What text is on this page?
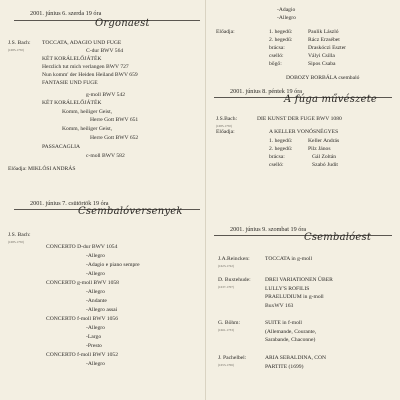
2001. június 6. szerda 19 óra
Orgonaest
J.S. Bach:
(1685-1750)
TOCCATA, ADAGIO UND FUGE
C-dur BWV 564
KÉT KORÁLELŐJÁTÉK
Herzlich tut mich verlangen BWV 727
Nun komm' der Heiden Heiland BWV 659
FANTASIE UND FUGE
g-moll BWV 542
KÉT KORÁLELŐJÁTÉK
Komm, heiliger Geist,
Herre Gott BWV 651
Komm, heiliger Geist,
Herre Gott BWV 652
PASSACAGLIA
c-moll BWV 582
Előadja: MIKLÓSI ANDRÁS
2001. június 7. csütörtök 19 óra
Csembalóversenyek
J.S. Bach:
(1685-1750)
CONCERTO D-dur BWV 1054
-Allegro
-Adagio e piano sempre
-Allegro
CONCERTO g-moll BWV 1058
-Allegro
-Andante
-Allegro assai
CONCERTO f-moll BWV 1056
-Allegro
-Largo
-Presto
CONCERTO f-moll BWV 1052
-Allegro
-Adagio
-Allegro
Előadja:	1. hegedű:
2. hegedű:
brácsa:
cselló:
bőgő:
Paulik László
Rácz Erzsébet
Draskóczi Eszter
Vályi Csilla
Sipos Csaba
DOBOZY BORBÁLA csembaló
2001. június 8. péntek 19 óra
A fúga művészete
J.S.Bach:
(1685-1750)
DIE KUNST DER FUGE BWV 1080
Előadja:	A KELLER VONÓSNÉGYES
1. hegedű:
2. hegedű:
brácsa:
cselló:
Keller András
Pilz János
Gál Zoltán
Szabó Judit
2001. június 9. szombat 19 óra
Csembalóest
J.A.Reincken:
(1623-1722)
TOCCATA in g-moll
D. Buxtehude:
(1637-1707)
DREI VARIATIONEN ÜBER
LULLY'S ROFILIS
PRAELUDIUM in g-moll
BuxWV 163
G. Böhm:
(1661-1733)
SUITE in f-moll
(Allemande, Courante,
Sarabande, Chaconne)
J. Pachelbel:
(1653-1706)
ARIA SEBALDINA, CON
PARTITE (1699)
